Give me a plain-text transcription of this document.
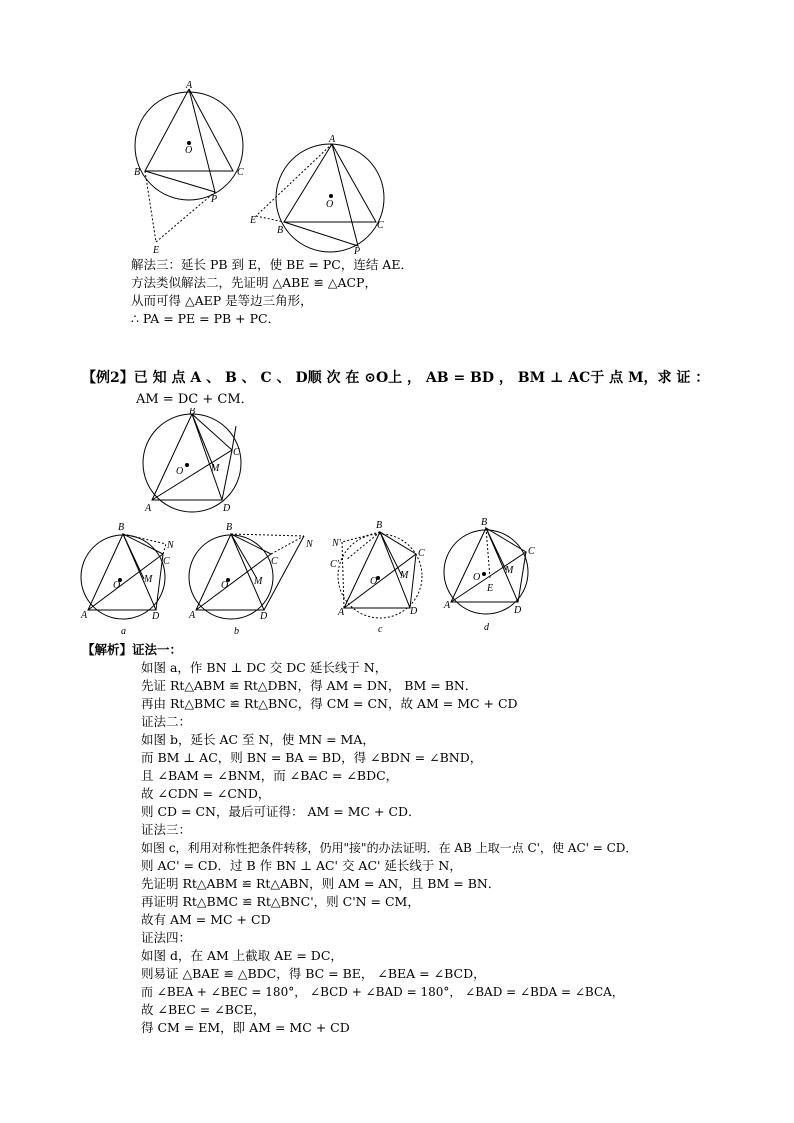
A
O
B	C
P
E
A
O
E
B	C
P
解法三：延长 PB 到 E，使 BE = PC，连结 AE．
方法类似解法二，先证明 △ABE ≌ △ACP，
从而可得 △AEP 是等边三角形，
∴ PA = PE = PB + PC．
【例2】已 知 点 A 、 B 、 C 、 D顺 次 在 ⊙O上 ， AB = BD ， BM ⊥ AC于 点 M，求 证 ：
AM = DC + CM．
B
O	M
C
A	D
B
N
C
M
O
A	D
a
B
N
C
M
O
A	D
b
B
N'
C'
C
M
O
A	D
c
B
C
M
O
E
A	D
d
【解析】证法一：
如图 a，作 BN ⊥ DC 交 DC 延长线于 N，
先证 Rt△ABM ≌ Rt△DBN，得 AM = DN， BM = BN．
再由 Rt△BMC ≌ Rt△BNC，得 CM = CN，故 AM = MC + CD
证法二：
如图 b，延长 AC 至 N，使 MN = MA，
而 BM ⊥ AC，则 BN = BA = BD，得 ∠BDN = ∠BND，
且 ∠BAM = ∠BNM，而 ∠BAC = ∠BDC，
故 ∠CDN = ∠CND，
则 CD = CN，最后可证得： AM = MC + CD．
证法三：
如图 c，利用对称性把条件转移，仍用"接"的办法证明．在 AB 上取一点 C'，使 AC' = CD．
则 AC' = CD．过 B 作 BN ⊥ AC' 交 AC' 延长线于 N，
先证明 Rt△ABM ≌ Rt△ABN，则 AM = AN，且 BM = BN．
再证明 Rt△BMC ≌ Rt△BNC'，则 C'N = CM，
故有 AM = MC + CD
证法四：
如图 d，在 AM 上截取 AE = DC，
则易证 △BAE ≌ △BDC，得 BC = BE， ∠BEA = ∠BCD，
而 ∠BEA + ∠BEC = 180°， ∠BCD + ∠BAD = 180°， ∠BAD = ∠BDA = ∠BCA，
故 ∠BEC = ∠BCE，
得 CM = EM，即 AM = MC + CD
